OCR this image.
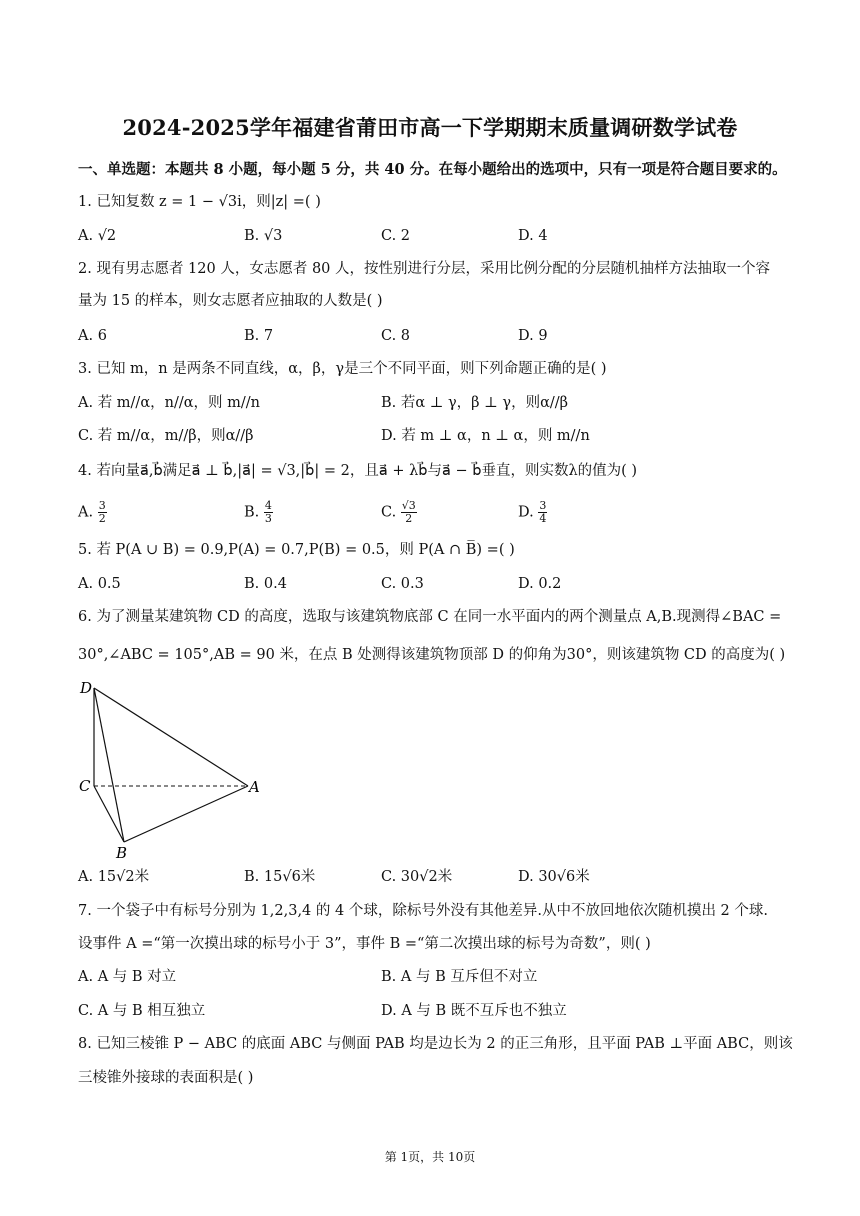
2024-2025学年福建省莆田市高一下学期期末质量调研数学试卷
一、单选题：本题共 8 小题，每小题 5 分，共 40 分。在每小题给出的选项中，只有一项是符合题目要求的。
1. 已知复数 z = 1 − √3i，则|z| =( )
A. √2	B. √3	C. 2	D. 4
2. 现有男志愿者 120 人，女志愿者 80 人，按性别进行分层，采用比例分配的分层随机抽样方法抽取一个容
量为 15 的样本，则女志愿者应抽取的人数是( )
A. 6	B. 7	C. 8	D. 9
3. 已知 m，n 是两条不同直线，α，β，γ是三个不同平面，则下列命题正确的是( )
A. 若 m//α，n//α，则 m//n	B. 若α ⊥ γ，β ⊥ γ，则α//β
C. 若 m//α，m//β，则α//β	D. 若 m ⊥ α，n ⊥ α，则 m//n
4. 若向量a⃗,b⃗满足a⃗ ⊥ b⃗,|a⃗| = √3,|b⃗| = 2，且a⃗ + λb⃗与a⃗ − b⃗垂直，则实数λ的值为( )
A. $\frac{3}{2}$	B. $\frac{4}{3}$	C. $\frac{√3}{2}$	D. $\frac{3}{4}$
5. 若 P(A ∪ B) = 0.9,P(A) = 0.7,P(B) = 0.5，则 P(A ∩ B̅) =( )
A. 0.5	B. 0.4	C. 0.3	D. 0.2
6. 为了测量某建筑物 CD 的高度，选取与该建筑物底部 C 在同一水平面内的两个测量点 A,B.现测得∠BAC =
30°,∠ABC = 105°,AB = 90 米，在点 B 处测得该建筑物顶部 D 的仰角为30°，则该建筑物 CD 的高度为( )
D
C	A
B
A. 15√2米	B. 15√6米	C. 30√2米	D. 30√6米
7. 一个袋子中有标号分别为 1,2,3,4 的 4 个球，除标号外没有其他差异.从中不放回地依次随机摸出 2 个球.
设事件 A =“第一次摸出球的标号小于 3”，事件 B =“第二次摸出球的标号为奇数”，则( )
A. A 与 B 对立	B. A 与 B 互斥但不对立
C. A 与 B 相互独立	D. A 与 B 既不互斥也不独立
8. 已知三棱锥 P − ABC 的底面 ABC 与侧面 PAB 均是边长为 2 的正三角形，且平面 PAB ⊥平面 ABC，则该
三棱锥外接球的表面积是( )
第 1页，共 10页
